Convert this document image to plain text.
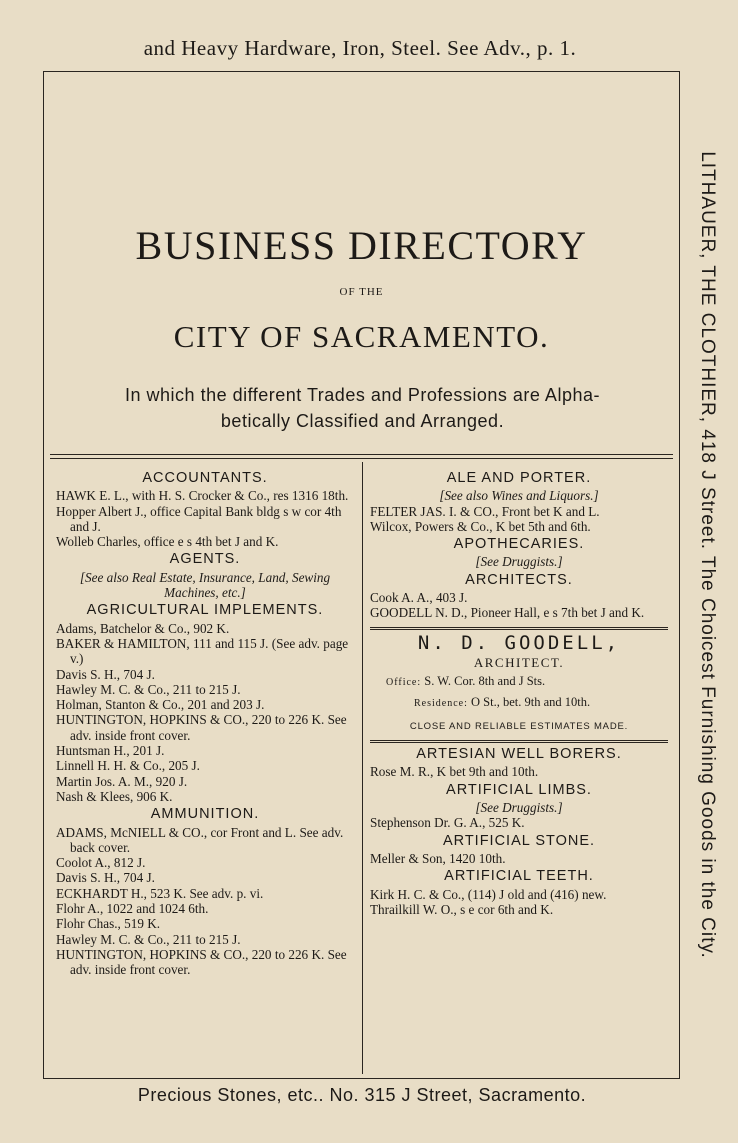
and Heavy Hardware, Iron, Steel. See Adv., p. 1.
BUSINESS DIRECTORY
OF THE
CITY OF SACRAMENTO.
In which the different Trades and Professions are Alpha-
betically Classified and Arranged.
ACCOUNTANTS.
HAWK E. L., with H. S. Crocker & Co., res 1316 18th.
Hopper Albert J., office Capital Bank bldg s w cor 4th and J.
Wolleb Charles, office e s 4th bet J and K.
AGENTS.
[See also Real Estate, Insurance, Land, Sewing Machines, etc.]
AGRICULTURAL IMPLEMENTS.
Adams, Batchelor & Co., 902 K.
BAKER & HAMILTON, 111 and 115 J. (See adv. page v.)
Davis S. H., 704 J.
Hawley M. C. & Co., 211 to 215 J.
Holman, Stanton & Co., 201 and 203 J.
HUNTINGTON, HOPKINS & CO., 220 to 226 K. See adv. inside front cover.
Huntsman H., 201 J.
Linnell H. H. & Co., 205 J.
Martin Jos. A. M., 920 J.
Nash & Klees, 906 K.
AMMUNITION.
ADAMS, McNIELL & CO., cor Front and L. See adv. back cover.
Coolot A., 812 J.
Davis S. H., 704 J.
ECKHARDT H., 523 K. See adv. p. vi.
Flohr A., 1022 and 1024 6th.
Flohr Chas., 519 K.
Hawley M. C. & Co., 211 to 215 J.
HUNTINGTON, HOPKINS & CO., 220 to 226 K. See adv. inside front cover.
ALE AND PORTER.
[See also Wines and Liquors.]
FELTER JAS. I. & CO., Front bet K and L.
Wilcox, Powers & Co., K bet 5th and 6th.
APOTHECARIES.
[See Druggists.]
ARCHITECTS.
Cook A. A., 403 J.
GOODELL N. D., Pioneer Hall, e s 7th bet J and K.
N. D. GOODELL,
ARCHITECT.
Office: S. W. Cor. 8th and J Sts.
Residence: O St., bet. 9th and 10th.
CLOSE AND RELIABLE ESTIMATES MADE.
ARTESIAN WELL BORERS.
Rose M. R., K bet 9th and 10th.
ARTIFICIAL LIMBS.
[See Druggists.]
Stephenson Dr. G. A., 525 K.
ARTIFICIAL STONE.
Meller & Son, 1420 10th.
ARTIFICIAL TEETH.
Kirk H. C. & Co., (114) J old and (416) new.
Thrailkill W. O., s e cor 6th and K.	LITHAUER, THE CLOTHIER, 418 J Street. The Choicest Furnishing Goods in the City.
Precious Stones, etc.. No. 315 J Street, Sacramento.
